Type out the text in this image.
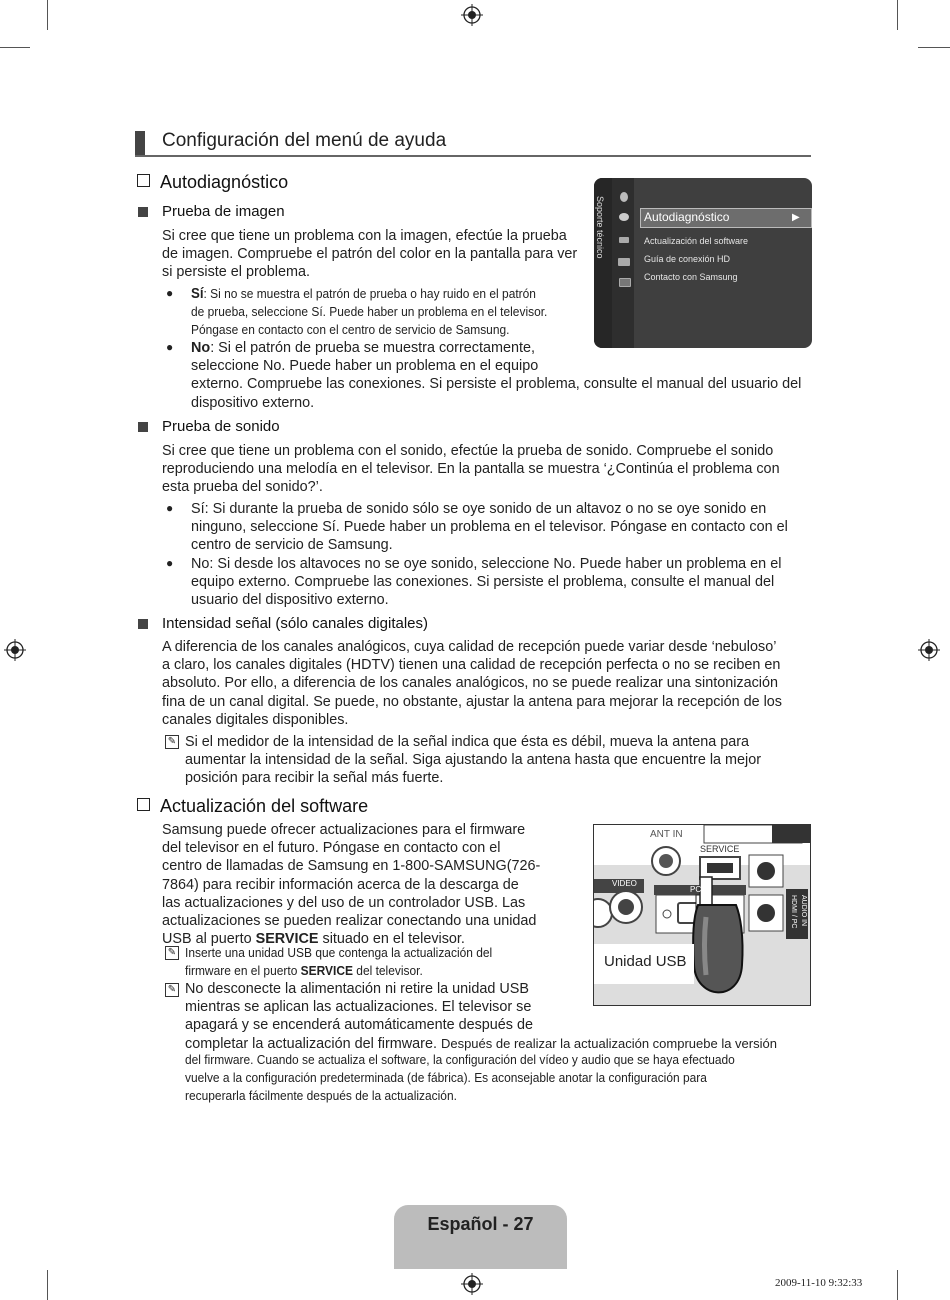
Configuración del menú de ayuda
Autodiagnóstico
Prueba de imagen
Si cree que tiene un problema con la imagen, efectúe la prueba
de imagen. Compruebe el patrón del color en la pantalla para ver
si persiste el problema.
● Sí: Si no se muestra el patrón de prueba o hay ruido en el patrón
de prueba, seleccione Sí. Puede haber un problema en el televisor.
Póngase en contacto con el centro de servicio de Samsung.
● No: Si el patrón de prueba se muestra correctamente,
seleccione No. Puede haber un problema en el equipo
externo. Compruebe las conexiones. Si persiste el problema, consulte el manual del usuario del
dispositivo externo.
Soporte técnico	Autodiagnóstico	▶
Actualización del software
Guía de conexión HD
Contacto con Samsung
Prueba de sonido
Si cree que tiene un problema con el sonido, efectúe la prueba de sonido. Compruebe el sonido
reproduciendo una melodía en el televisor. En la pantalla se muestra ‘¿Continúa el problema con
esta prueba del sonido?’.
● Sí: Si durante la prueba de sonido sólo se oye sonido de un altavoz o no se oye sonido en
ninguno, seleccione Sí. Puede haber un problema en el televisor. Póngase en contacto con el
centro de servicio de Samsung.
● No: Si desde los altavoces no se oye sonido, seleccione No. Puede haber un problema en el
equipo externo. Compruebe las conexiones. Si persiste el problema, consulte el manual del
usuario del dispositivo externo.
Intensidad señal (sólo canales digitales)
A diferencia de los canales analógicos, cuya calidad de recepción puede variar desde ‘nebuloso’
a claro, los canales digitales (HDTV) tienen una calidad de recepción perfecta o no se reciben en
absoluto. Por ello, a diferencia de los canales analógicos, no se puede realizar una sintonización
fina de un canal digital. Se puede, no obstante, ajustar la antena para mejorar la recepción de los
canales digitales disponibles.
✎ Si el medidor de la intensidad de la señal indica que ésta es débil, mueva la antena para
aumentar la intensidad de la señal. Siga ajustando la antena hasta que encuentre la mejor
posición para recibir la señal más fuerte.
Actualización del software
Samsung puede ofrecer actualizaciones para el firmware
del televisor en el futuro. Póngase en contacto con el
centro de llamadas de Samsung en 1-800-SAMSUNG(726-
7864) para recibir información acerca de la descarga de
las actualizaciones y del uso de un controlador USB. Las
actualizaciones se pueden realizar conectando una unidad
USB al puerto SERVICE situado en el televisor.
✎ Inserte una unidad USB que contenga la actualización del
firmware en el puerto SERVICE del televisor.
✎ No desconecte la alimentación ni retire la unidad USB
mientras se aplican las actualizaciones. El televisor se
apagará y se encenderá automáticamente después de
completar la actualización del firmware. Después de realizar la actualización compruebe la versión
del firmware. Cuando se actualiza el software, la configuración del vídeo y audio que se haya efectuado
vuelve a la configuración predeterminada (de fábrica). Es aconsejable anotar la configuración para
recuperarla fácilmente después de la actualización.
ANT IN
SERVICE
VIDEO
PC IN
HDMI / PC AUDIO IN
Unidad USB
Español - 27
2009-11-10 9:32:33
